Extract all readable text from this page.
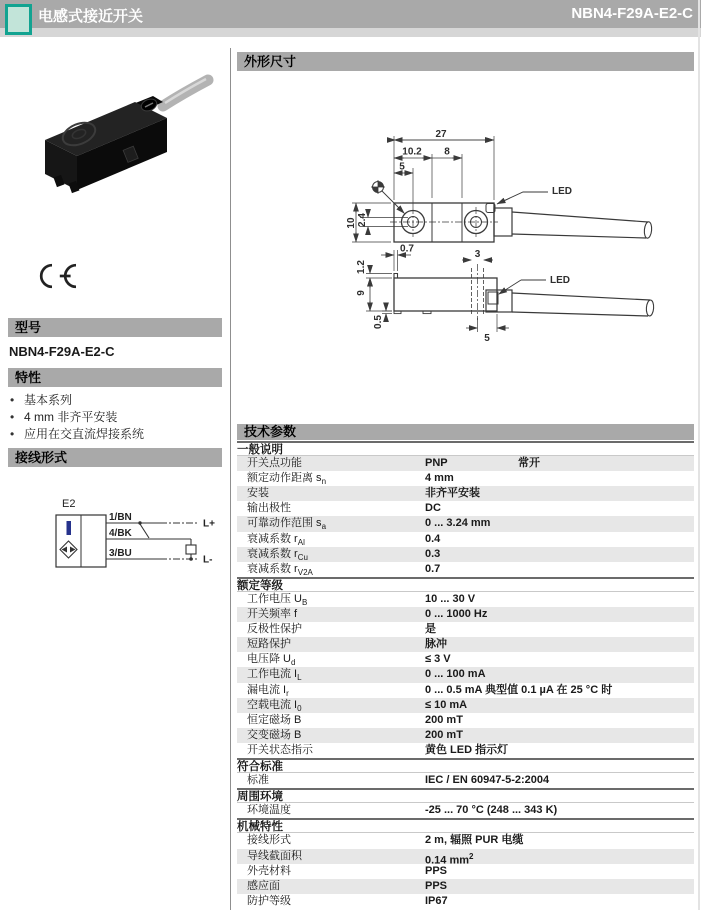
电感式接近开关	NBN4-F29A-E2-C
型号
NBN4-F29A-E2-C
特性
• 基本系列
• 4 mm 非齐平安装
• 应用在交直流焊接系统
接线形式
E2
1/BN
4/BK
3/BU
L+
L-
外形尺寸
27
10.2 8
5
10 2.4
LED
0.7
1.2
9
0.5
3
5
LED
技术参数
一般说明
开关点功能	PNP	常开
额定动作距离 $s_n$	4 mm
安装	非齐平安装
输出极性	DC
可靠动作范围 $s_a$	0 ... 3.24 mm
衰减系数 $r_{Al}$	0.4
衰减系数 $r_{Cu}$	0.3
衰减系数 $r_{V2A}$	0.7
额定等级
工作电压 $U_B$	10 ... 30 V
开关频率 f	0 ... 1000 Hz
反极性保护	是
短路保护	脉冲
电压降 $U_d$	≤ 3 V
工作电流 $I_L$	0 ... 100 mA
漏电流 $I_r$	0 ... 0.5 mA 典型值 0.1 µA 在 25 °C 时
空载电流 $I_0$	≤ 10 mA
恒定磁场 B	200 mT
交变磁场 B	200 mT
开关状态指示	黄色 LED 指示灯
符合标准
标准	IEC / EN 60947-5-2:2004
周围环境
环境温度	-25 ... 70 °C (248 ... 343 K)
机械特性
接线形式	2 m, 辐照 PUR 电缆
导线截面积	0.14 $mm^2$
外壳材料	PPS
感应面	PPS
防护等级	IP67
